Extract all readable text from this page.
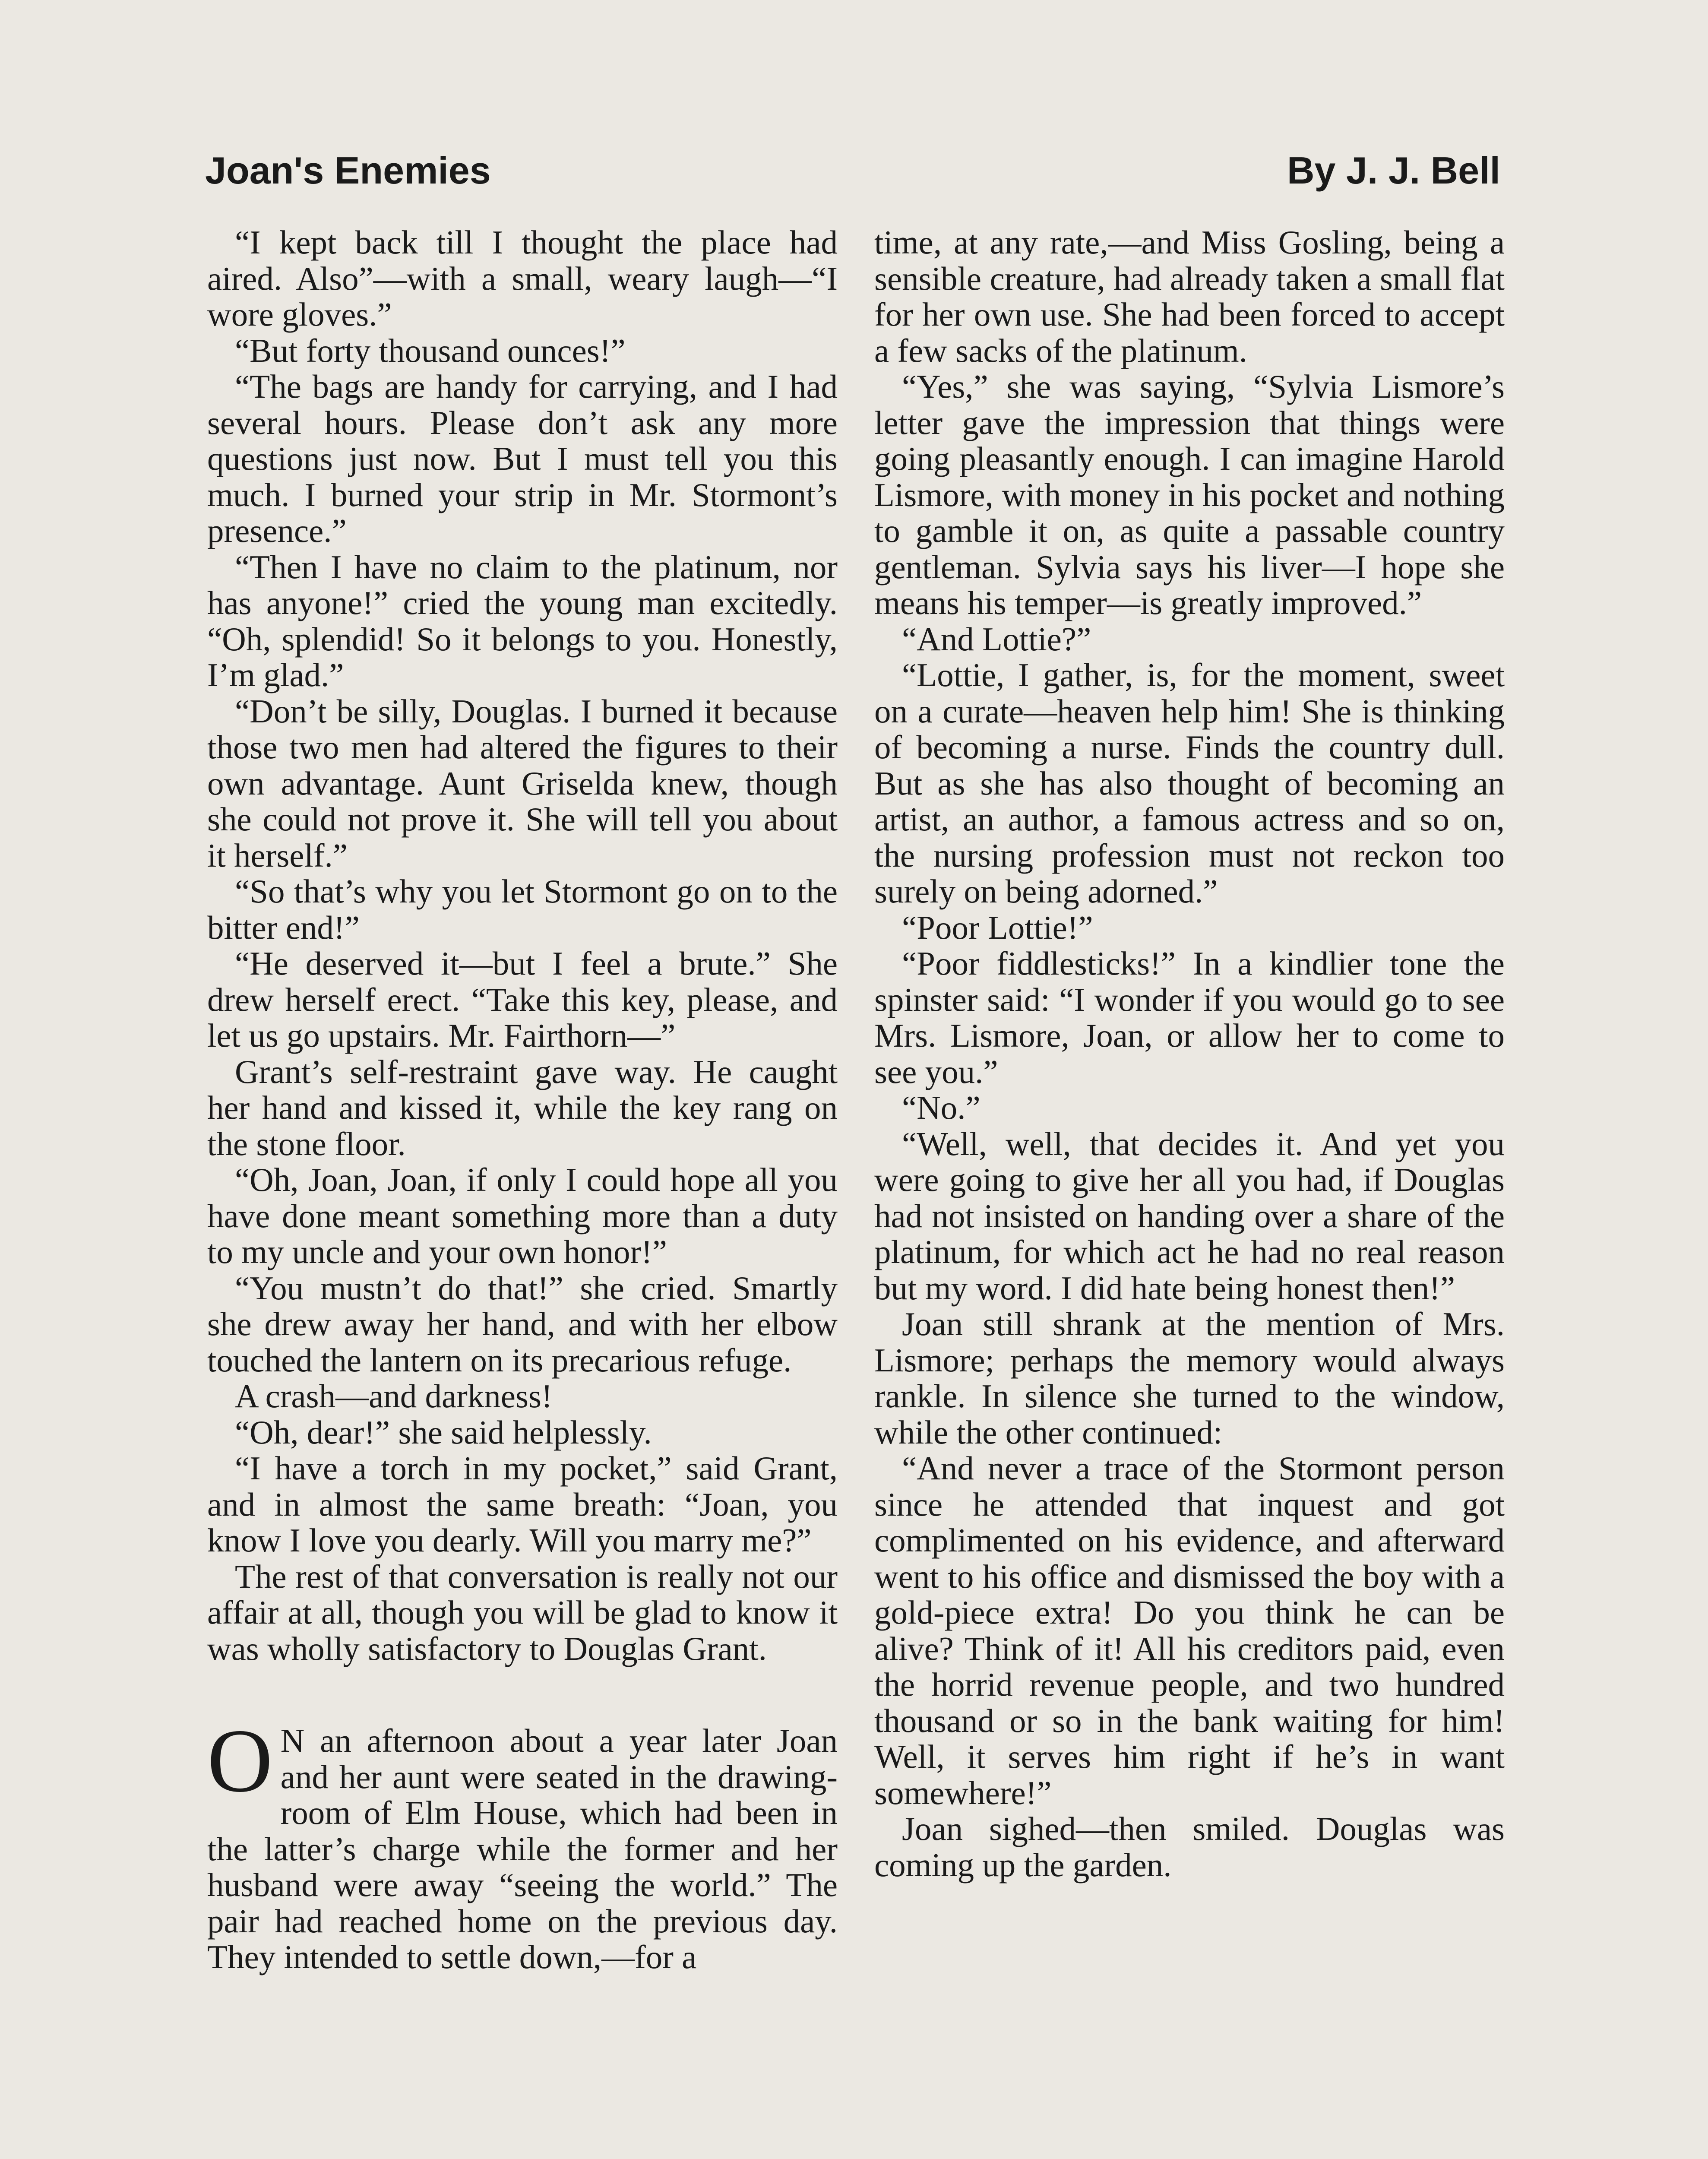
Joan's Enemies	By J. J. Bell

“I kept back till I thought the place had aired. Also”—with a small, weary laugh—“I wore gloves.”

“But forty thousand ounces!”

“The bags are handy for carrying, and I had several hours. Please don’t ask any more questions just now. But I must tell you this much. I burned your strip in Mr. Stormont’s presence.”

“Then I have no claim to the platinum, nor has anyone!” cried the young man excitedly. “Oh, splendid! So it belongs to you. Honestly, I’m glad.”

“Don’t be silly, Douglas. I burned it because those two men had altered the figures to their own advantage. Aunt Griselda knew, though she could not prove it. She will tell you about it herself.”

“So that’s why you let Stormont go on to the bitter end!”

“He deserved it—but I feel a brute.” She drew herself erect. “Take this key, please, and let us go upstairs. Mr. Fairthorn—”

Grant’s self-restraint gave way. He caught her hand and kissed it, while the key rang on the stone floor.

“Oh, Joan, Joan, if only I could hope all you have done meant something more than a duty to my uncle and your own honor!”

“You mustn’t do that!” she cried. Smartly she drew away her hand, and with her elbow touched the lantern on its precarious refuge.

A crash—and darkness!

“Oh, dear!” she said helplessly.

“I have a torch in my pocket,” said Grant, and in almost the same breath: “Joan, you know I love you dearly. Will you marry me?”

The rest of that conversation is really not our affair at all, though you will be glad to know it was wholly satisfactory to Douglas Grant.

ON an afternoon about a year later Joan and her aunt were seated in the drawing-room of Elm House, which had been in the latter’s charge while the former and her husband were away “seeing the world.” The pair had reached home on the previous day. They intended to settle down,—for a

time, at any rate,—and Miss Gosling, being a sensible creature, had already taken a small flat for her own use. She had been forced to accept a few sacks of the platinum.

“Yes,” she was saying, “Sylvia Lismore’s letter gave the impression that things were going pleasantly enough. I can imagine Harold Lismore, with money in his pocket and nothing to gamble it on, as quite a passable country gentleman. Sylvia says his liver—I hope she means his temper—is greatly improved.”

“And Lottie?”

“Lottie, I gather, is, for the moment, sweet on a curate—heaven help him! She is thinking of becoming a nurse. Finds the country dull. But as she has also thought of becoming an artist, an author, a famous actress and so on, the nursing profession must not reckon too surely on being adorned.”

“Poor Lottie!”

“Poor fiddlesticks!” In a kindlier tone the spinster said: “I wonder if you would go to see Mrs. Lismore, Joan, or allow her to come to see you.”

“No.”

“Well, well, that decides it. And yet you were going to give her all you had, if Douglas had not insisted on handing over a share of the platinum, for which act he had no real reason but my word. I did hate being honest then!”

Joan still shrank at the mention of Mrs. Lismore; perhaps the memory would always rankle. In silence she turned to the window, while the other continued:

“And never a trace of the Stormont person since he attended that inquest and got complimented on his evidence, and afterward went to his office and dismissed the boy with a gold-piece extra! Do you think he can be alive? Think of it! All his creditors paid, even the horrid revenue people, and two hundred thousand or so in the bank waiting for him! Well, it serves him right if he’s in want somewhere!”

Joan sighed—then smiled. Douglas was coming up the garden.
